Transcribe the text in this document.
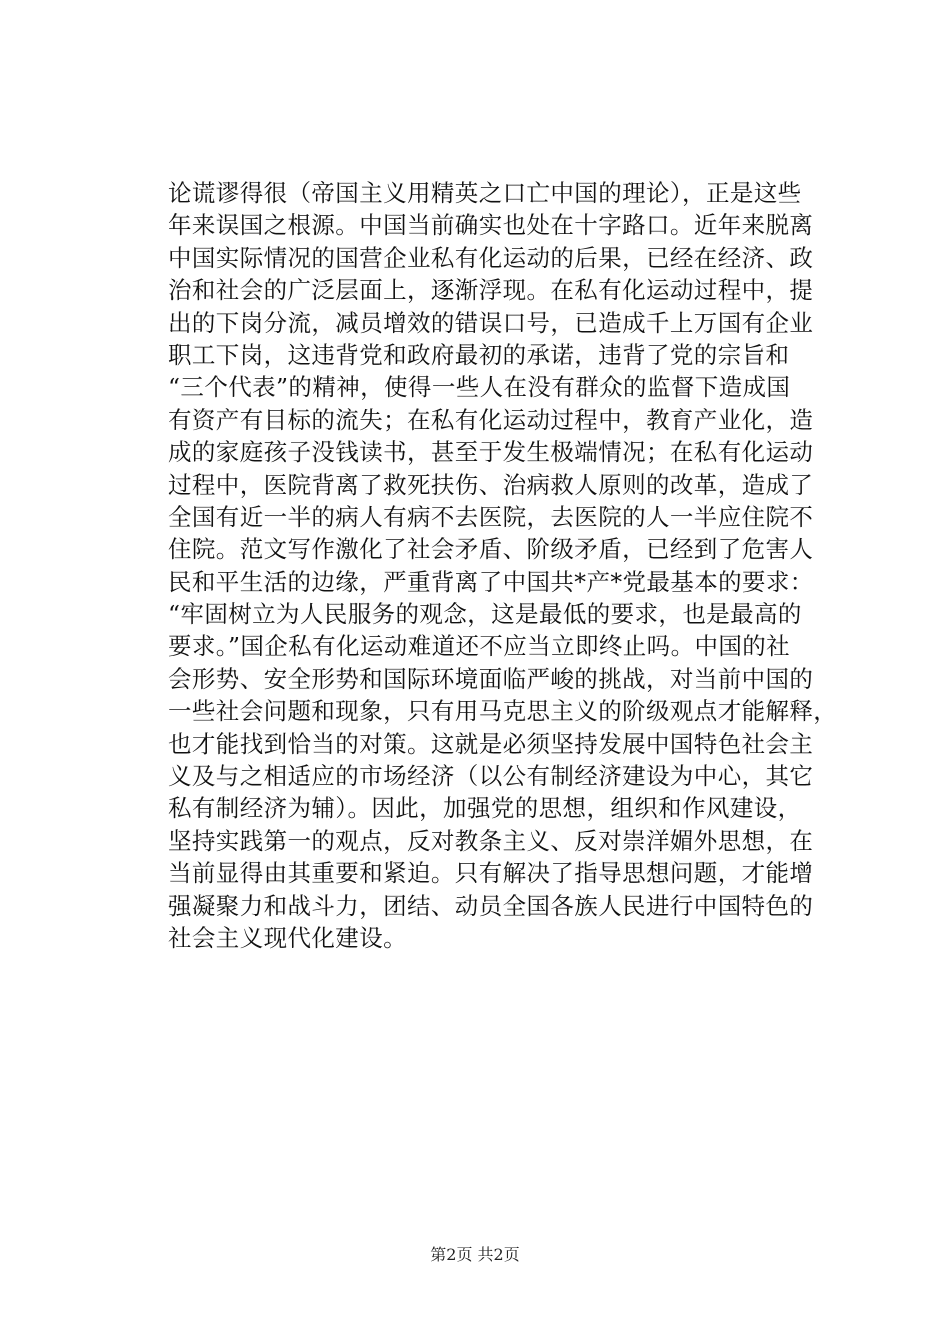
论谎谬得很（帝国主义用精英之口亡中国的理论），正是这些
年来误国之根源。中国当前确实也处在十字路口。近年来脱离
中国实际情况的国营企业私有化运动的后果，已经在经济、政
治和社会的广泛层面上，逐渐浮现。在私有化运动过程中，提
出的下岗分流，减员增效的错误口号，已造成千上万国有企业
职工下岗，这违背党和政府最初的承诺，违背了党的宗旨和
“三个代表”的精神，使得一些人在没有群众的监督下造成国
有资产有目标的流失；在私有化运动过程中，教育产业化，造
成的家庭孩子没钱读书，甚至于发生极端情况；在私有化运动
过程中，医院背离了救死扶伤、治病救人原则的改革，造成了
全国有近一半的病人有病不去医院，去医院的人一半应住院不
住院。范文写作激化了社会矛盾、阶级矛盾，已经到了危害人
民和平生活的边缘，严重背离了中国共*产*党最基本的要求：
“牢固树立为人民服务的观念，这是最低的要求，也是最高的
要求。”国企私有化运动难道还不应当立即终止吗。中国的社
会形势、安全形势和国际环境面临严峻的挑战，对当前中国的
一些社会问题和现象，只有用马克思主义的阶级观点才能解释，
也才能找到恰当的对策。这就是必须坚持发展中国特色社会主
义及与之相适应的市场经济（以公有制经济建设为中心，其它
私有制经济为辅）。因此，加强党的思想，组织和作风建设，
坚持实践第一的观点，反对教条主义、反对崇洋媚外思想，在
当前显得由其重要和紧迫。只有解决了指导思想问题，才能增
强凝聚力和战斗力，团结、动员全国各族人民进行中国特色的
社会主义现代化建设。
第2页 共2页
